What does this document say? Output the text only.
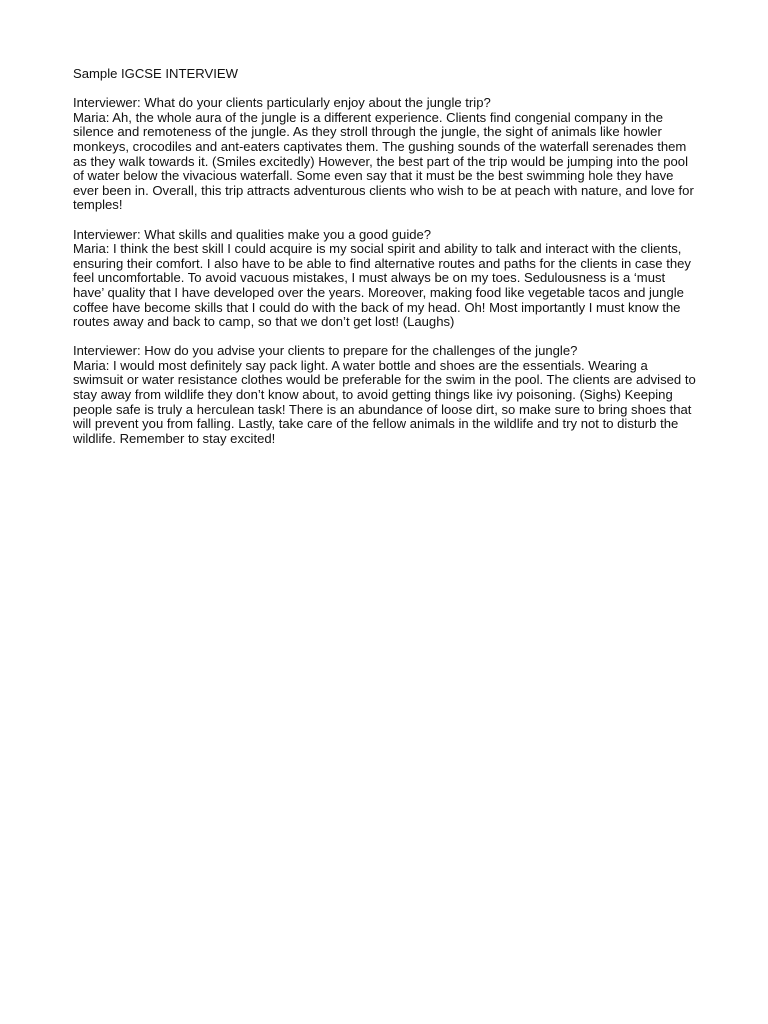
Sample IGCSE INTERVIEW

Interviewer: What do your clients particularly enjoy about the jungle trip?

Maria: Ah, the whole aura of the jungle is a different experience. Clients find congenial company in the silence and remoteness of the jungle. As they stroll through the jungle, the sight of animals like howler monkeys, crocodiles and ant-eaters captivates them. The gushing sounds of the waterfall serenades them as they walk towards it. (Smiles excitedly) However, the best part of the trip would be jumping into the pool of water below the vivacious waterfall. Some even say that it must be the best swimming hole they have ever been in. Overall, this trip attracts adventurous clients who wish to be at peach with nature, and love for temples!

Interviewer: What skills and qualities make you a good guide?

Maria: I think the best skill I could acquire is my social spirit and ability to talk and interact with the clients, ensuring their comfort. I also have to be able to find alternative routes and paths for the clients in case they feel uncomfortable. To avoid vacuous mistakes, I must always be on my toes. Sedulousness is a ‘must have’ quality that I have developed over the years. Moreover, making food like vegetable tacos and jungle coffee have become skills that I could do with the back of my head. Oh! Most importantly I must know the routes away and back to camp, so that we don’t get lost! (Laughs)

Interviewer: How do you advise your clients to prepare for the challenges of the jungle?

Maria: I would most definitely say pack light. A water bottle and shoes are the essentials. Wearing a swimsuit or water resistance clothes would be preferable for the swim in the pool. The clients are advised to stay away from wildlife they don’t know about, to avoid getting things like ivy poisoning. (Sighs) Keeping people safe is truly a herculean task! There is an abundance of loose dirt, so make sure to bring shoes that will prevent you from falling. Lastly, take care of the fellow animals in the wildlife and try not to disturb the wildlife. Remember to stay excited!
